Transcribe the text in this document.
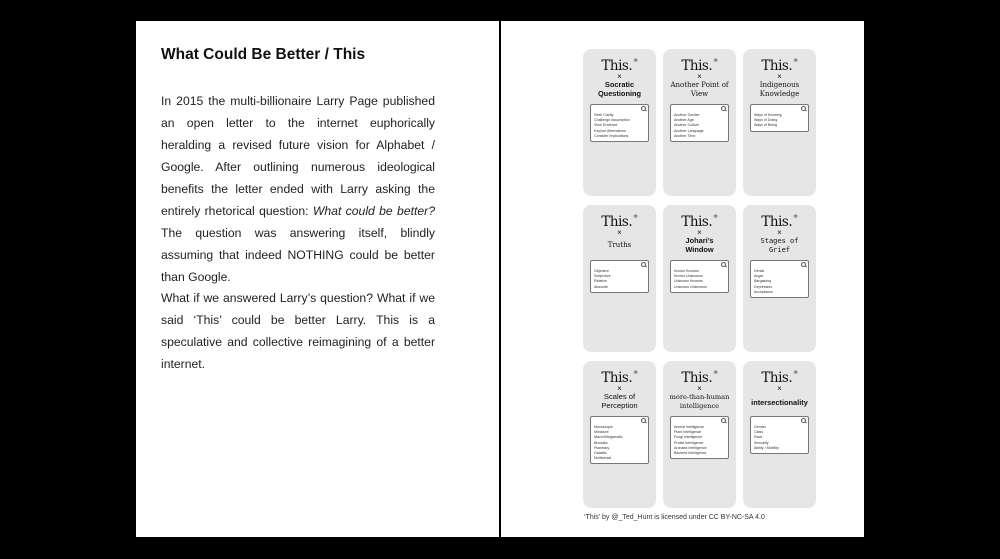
What Could Be Better / This

In 2015 the multi-billionaire Larry Page published an open letter to the internet euphorically heralding a revised future vision for Alphabet / Google. After outlining numerous ideological benefits the letter ended with Larry asking the entirely rhetorical question: What could be better? The question was answering itself, blindly assuming that indeed NOTHING could be better than Google.

What if we answered Larry’s question? What if we said ‘This’ could be better Larry. This is a speculative and collective reimagining of a better internet.

This.®
×
Socratic Questioning
Seek Clarity
Challenge Assumption
View Evidence
Explore Alternatives
Consider Implications
This.®
×
Another Point of View
Another Gender
Another Age
Another Culture
Another Language
Another Time
This.®
×
Indigenous Knowledge
Ways of Knowing
Ways of Doing
Ways of Being
This.®
×
Truths
Objective
Subjective
Relative
Absolute
This.®
×
Johari’s Window
Known Knowns
Known Unknowns
Unknown Knowns
Unknown Unknowns
This.®
×
Stages of Grief
Denial
Anger
Bargaining
Depression
Acceptance
This.®
×
Scales of Perception
Microscopic
Miniature
Macro/Megamatic
Biomatic
Planetary
Galactic
Multiversal
This.®
×
more-than-human intelligence
Animal Intelligence
Plant Intelligence
Fungi Intelligence
Protist Intelligence
Archaea Intelligence
Bacteria Intelligence
This.®
×
intersectionality
Gender
Class
Race
Sexuality
Ability / Mobility

‘This’ by @_Ted_Hunt is licensed under CC BY-NC-SA 4.0
